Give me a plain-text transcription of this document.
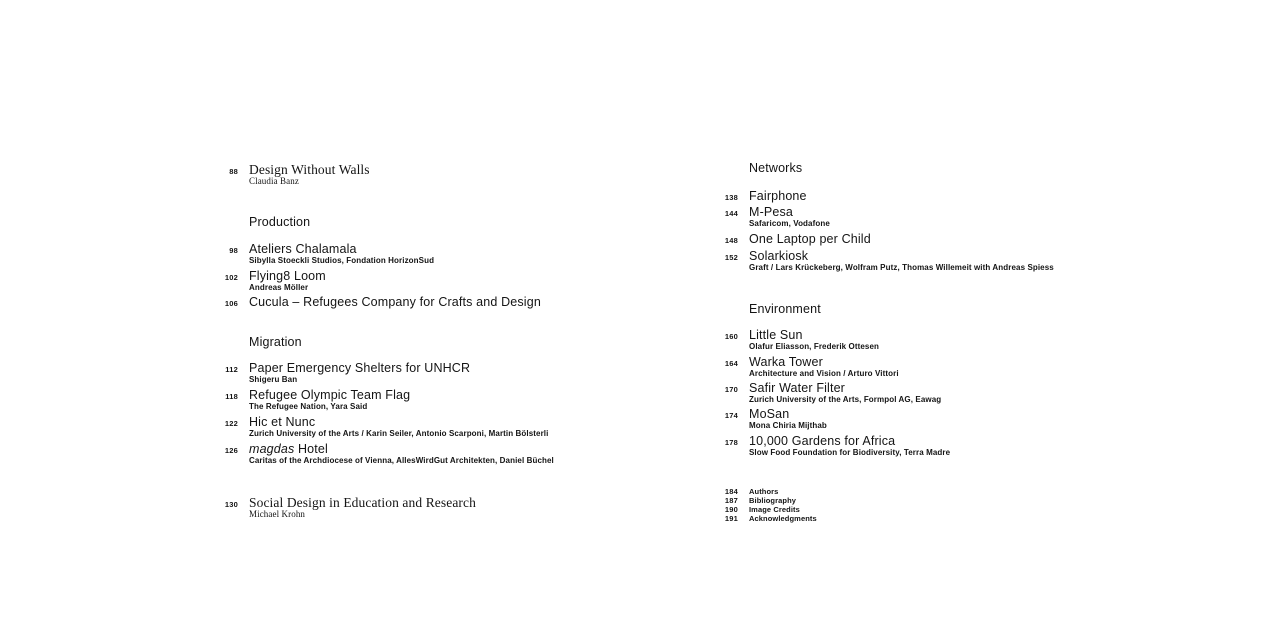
88 Design Without Walls
Claudia Banz
Production
98 Ateliers Chalamala
Sibylla Stoeckli Studios, Fondation HorizonSud
102 Flying8 Loom
Andreas Möller
106 Cucula – Refugees Company for Crafts and Design
Migration
112 Paper Emergency Shelters for UNHCR
Shigeru Ban
118 Refugee Olympic Team Flag
The Refugee Nation, Yara Said
122 Hic et Nunc
Zurich University of the Arts / Karin Seiler, Antonio Scarponi, Martin Bölsterli
126 magdas Hotel
Caritas of the Archdiocese of Vienna, AllesWirdGut Architekten, Daniel Büchel
130 Social Design in Education and Research
Michael Krohn
Networks
138 Fairphone
144 M-Pesa
Safaricom, Vodafone
148 One Laptop per Child
152 Solarkiosk
Graft / Lars Krückeberg, Wolfram Putz, Thomas Willemeit with Andreas Spiess
Environment
160 Little Sun
Olafur Eliasson, Frederik Ottesen
164 Warka Tower
Architecture and Vision / Arturo Vittori
170 Safir Water Filter
Zurich University of the Arts, Formpol AG, Eawag
174 MoSan
Mona Chiria Mijthab
178 10,000 Gardens for Africa
Slow Food Foundation for Biodiversity, Terra Madre
184 Authors
187 Bibliography
190 Image Credits
191 Acknowledgments
